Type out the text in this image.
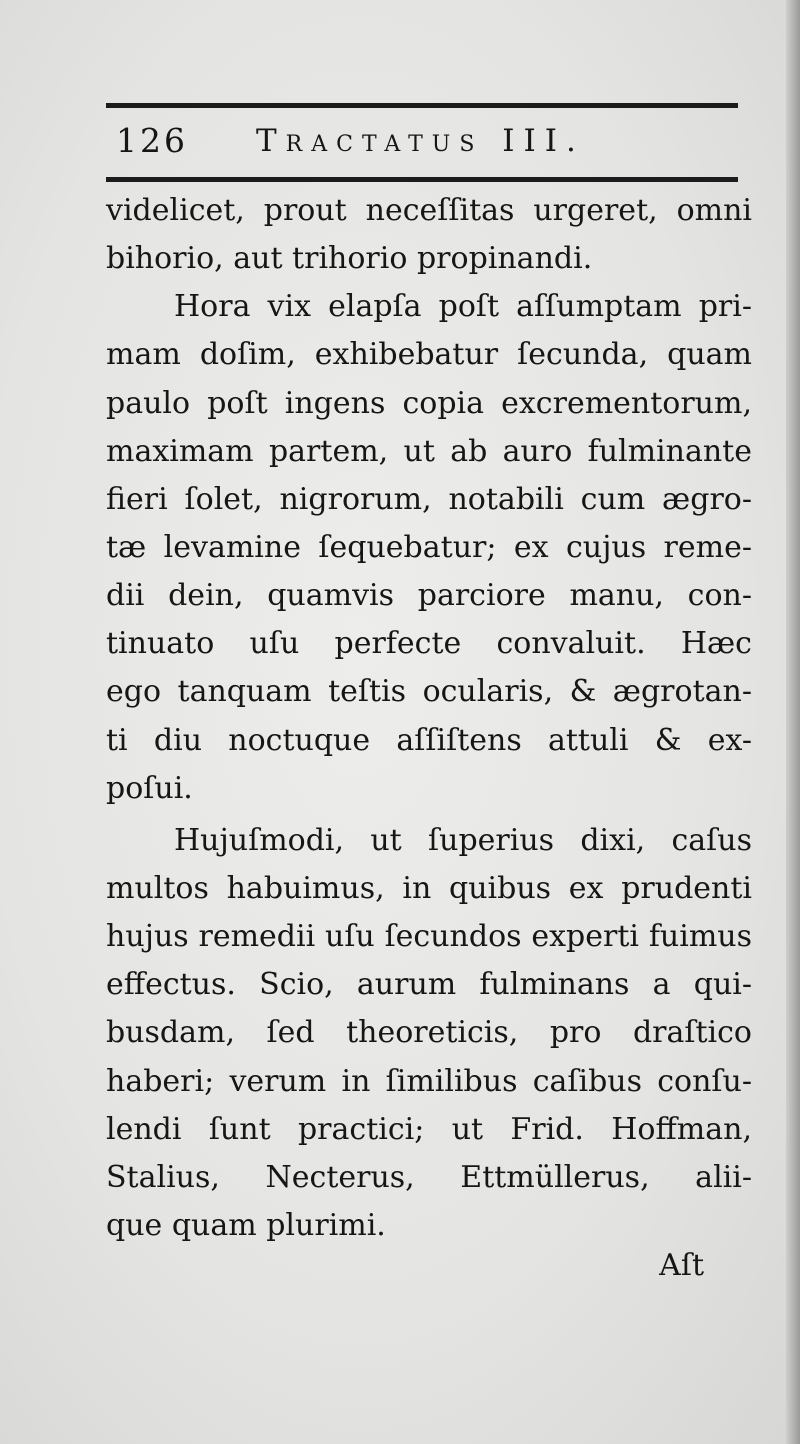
126 Tractatus III.
videlicet, prout neceſſitas urgeret, omni
bihorio, aut trihorio propinandi.
Hora vix elapſa poſt aſſumptam pri-
mam doſim, exhibebatur ſecunda, quam
paulo poſt ingens copia excrementorum,
maximam partem, ut ab auro fulminante
fieri ſolet, nigrorum, notabili cum ægro-
tæ levamine ſequebatur; ex cujus reme-
dii dein, quamvis parciore manu, con-
tinuato uſu perfecte convaluit. Hæc
ego tanquam teſtis ocularis, & ægrotan-
ti diu noctuque aſſiſtens attuli & ex-
poſui.
Hujuſmodi, ut ſuperius dixi, caſus
multos habuimus, in quibus ex prudenti
hujus remedii uſu ſecundos experti fuimus
effectus. Scio, aurum fulminans a qui-
busdam, ſed theoreticis, pro draſtico
haberi; verum in ſimilibus caſibus conſu-
lendi ſunt practici; ut Frid. Hoffman,
Stalius, Necterus, Ettmüllerus, alii-
que quam plurimi.
Aſt
